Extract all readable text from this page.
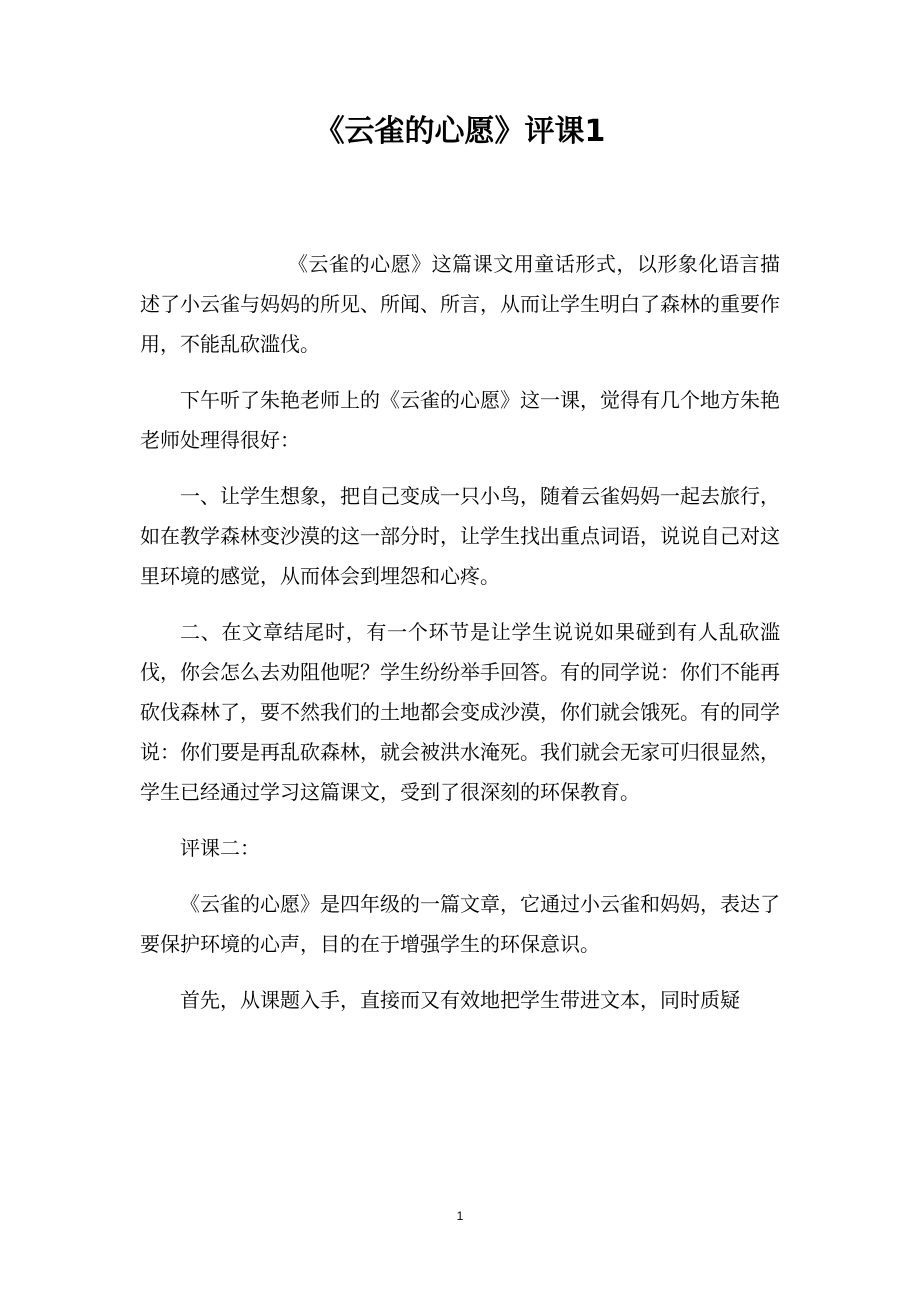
《云雀的心愿》评课1

《云雀的心愿》这篇课文用童话形式，以形象化语言描述了小云雀与妈妈的所见、所闻、所言，从而让学生明白了森林的重要作用，不能乱砍滥伐。

下午听了朱艳老师上的《云雀的心愿》这一课，觉得有几个地方朱艳老师处理得很好：

一、让学生想象，把自己变成一只小鸟，随着云雀妈妈一起去旅行，如在教学森林变沙漠的这一部分时，让学生找出重点词语，说说自己对这里环境的感觉，从而体会到埋怨和心疼。

二、在文章结尾时，有一个环节是让学生说说如果碰到有人乱砍滥伐，你会怎么去劝阻他呢？学生纷纷举手回答。有的同学说：你们不能再砍伐森林了，要不然我们的土地都会变成沙漠，你们就会饿死。有的同学说：你们要是再乱砍森林，就会被洪水淹死。我们就会无家可归很显然，学生已经通过学习这篇课文，受到了很深刻的环保教育。

评课二：

《云雀的心愿》是四年级的一篇文章，它通过小云雀和妈妈，表达了要保护环境的心声，目的在于增强学生的环保意识。

首先，从课题入手，直接而又有效地把学生带进文本，同时质疑

1
